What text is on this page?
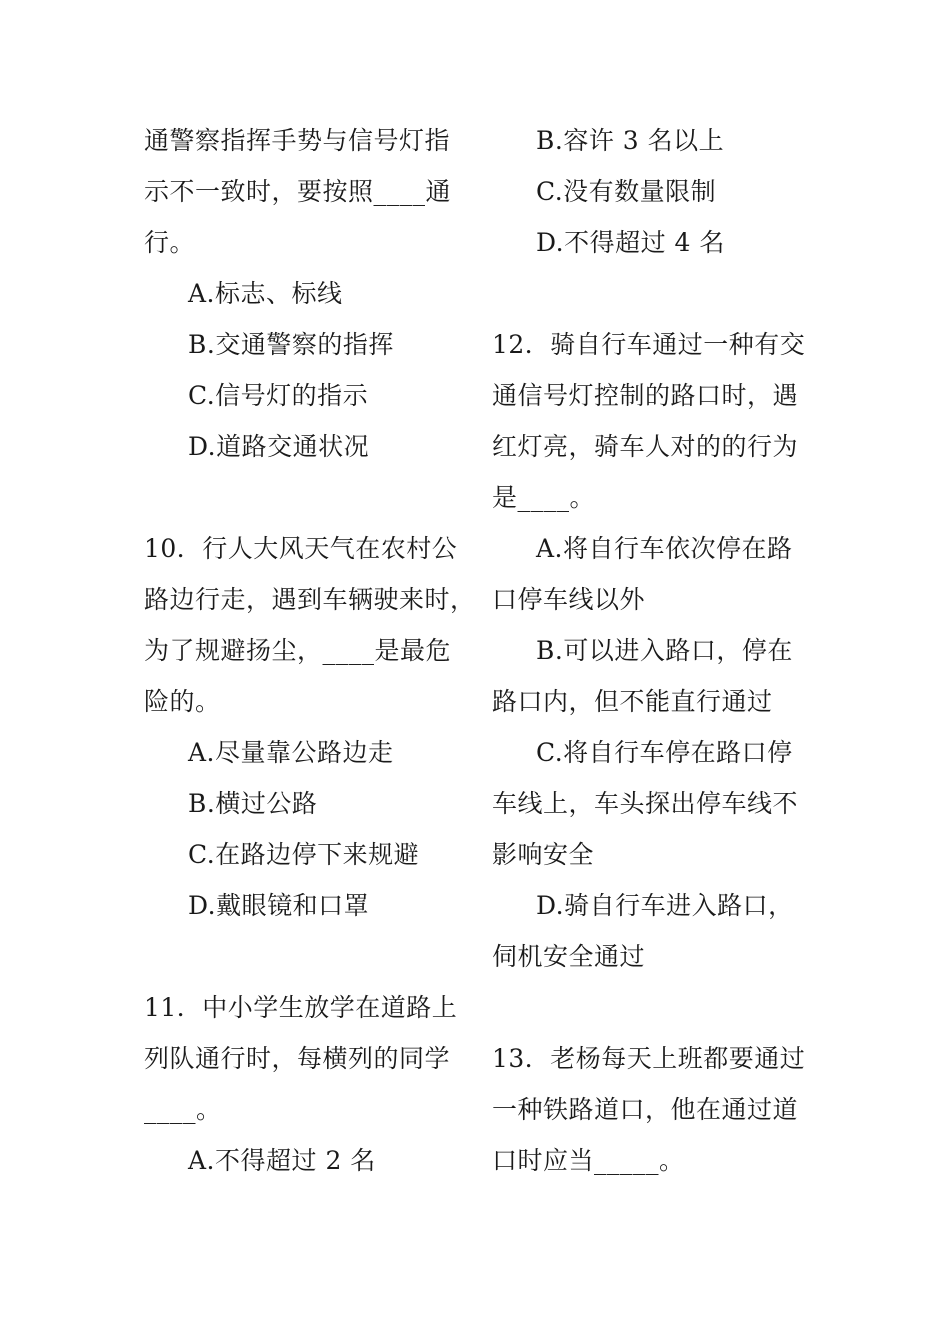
通警察指挥手势与信号灯指
示不一致时，要按照____通
行。
A.标志、标线
B.交通警察的指挥
C.信号灯的指示
D.道路交通状况
10．行人大风天气在农村公
路边行走，遇到车辆驶来时，
为了规避扬尘，____是最危
险的。
A.尽量靠公路边走
B.横过公路
C.在路边停下来规避
D.戴眼镜和口罩
11．中小学生放学在道路上
列队通行时，每横列的同学
____。
A.不得超过 2 名
B.容许 3 名以上
C.没有数量限制
D.不得超过 4 名
12．骑自行车通过一种有交
通信号灯控制的路口时，遇
红灯亮，骑车人对的的行为
是____。
A.将自行车依次停在路
口停车线以外
B.可以进入路口，停在
路口内，但不能直行通过
C.将自行车停在路口停
车线上，车头探出停车线不
影响安全
D.骑自行车进入路口，
伺机安全通过
13．老杨每天上班都要通过
一种铁路道口，他在通过道
口时应当_____。
